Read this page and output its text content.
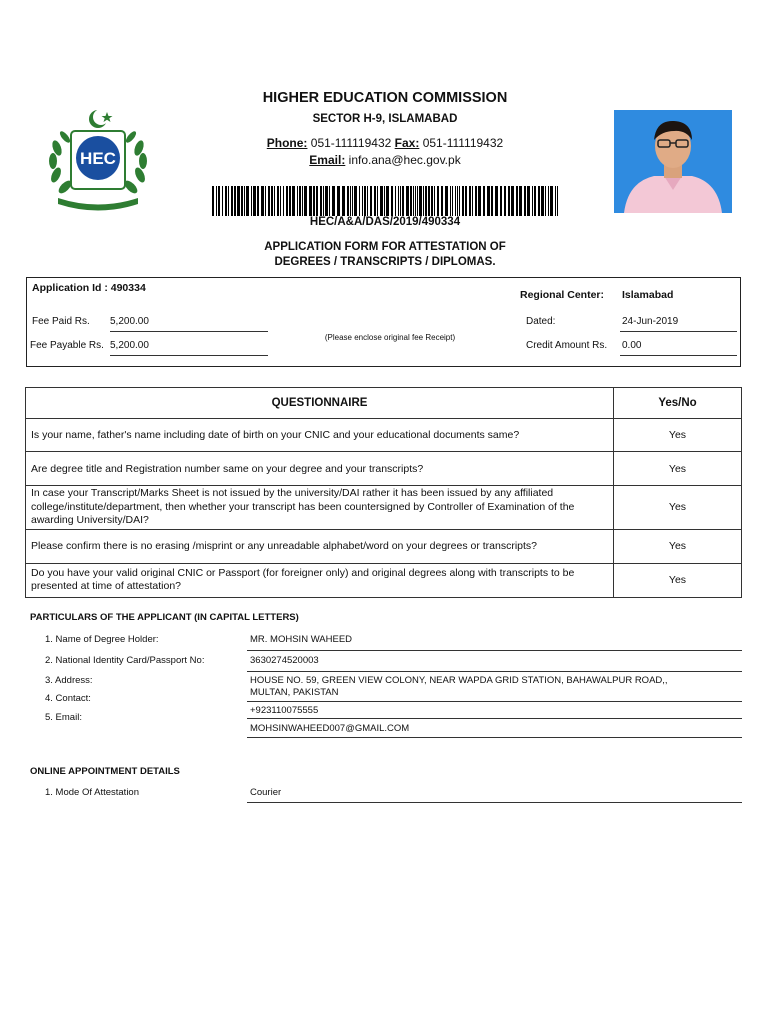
HEC
HIGHER EDUCATION COMMISSION
SECTOR H-9, ISLAMABAD
Phone: 051-111119432 Fax: 051-111119432
Email: info.ana@hec.gov.pk
HEC/A&A/DAS/2019/490334
APPLICATION FORM FOR ATTESTATION OF
DEGREES / TRANSCRIPTS / DIPLOMAS.
Application Id : 490334
Regional Center: Islamabad
Fee Paid Rs. 5,200.00
Fee Payable Rs. 5,200.00
(Please enclose original fee Receipt)
Dated:	24-Jun-2019
Credit Amount Rs. 0.00
QUESTIONNAIRE	Yes/No
Is your name, father's name including date of birth on your CNIC and your educational documents same?	Yes
Are degree title and Registration number same on your degree and your transcripts?	Yes
In case your Transcript/Marks Sheet is not issued by the university/DAI rather it has been issued by any affiliated college/institute/department, then whether your transcript has been countersigned by Controller of Examination of the awarding University/DAI?	Yes
Please confirm there is no erasing /misprint or any unreadable alphabet/word on your degrees or transcripts?	Yes
Do you have your valid original CNIC or Passport (for foreigner only) and original degrees along with transcripts to be presented at time of attestation?	Yes
PARTICULARS OF THE APPLICANT (IN CAPITAL LETTERS)
1. Name of Degree Holder:	MR. MOHSIN WAHEED
2. National Identity Card/Passport No:	3630274520003
3. Address:	HOUSE NO. 59, GREEN VIEW COLONY, NEAR WAPDA GRID STATION, BAHAWALPUR ROAD,,
MULTAN, PAKISTAN
4. Contact:
+923110075555
5. Email:
MOHSINWAHEED007@GMAIL.COM
ONLINE APPOINTMENT DETAILS
1. Mode Of Attestation	Courier
